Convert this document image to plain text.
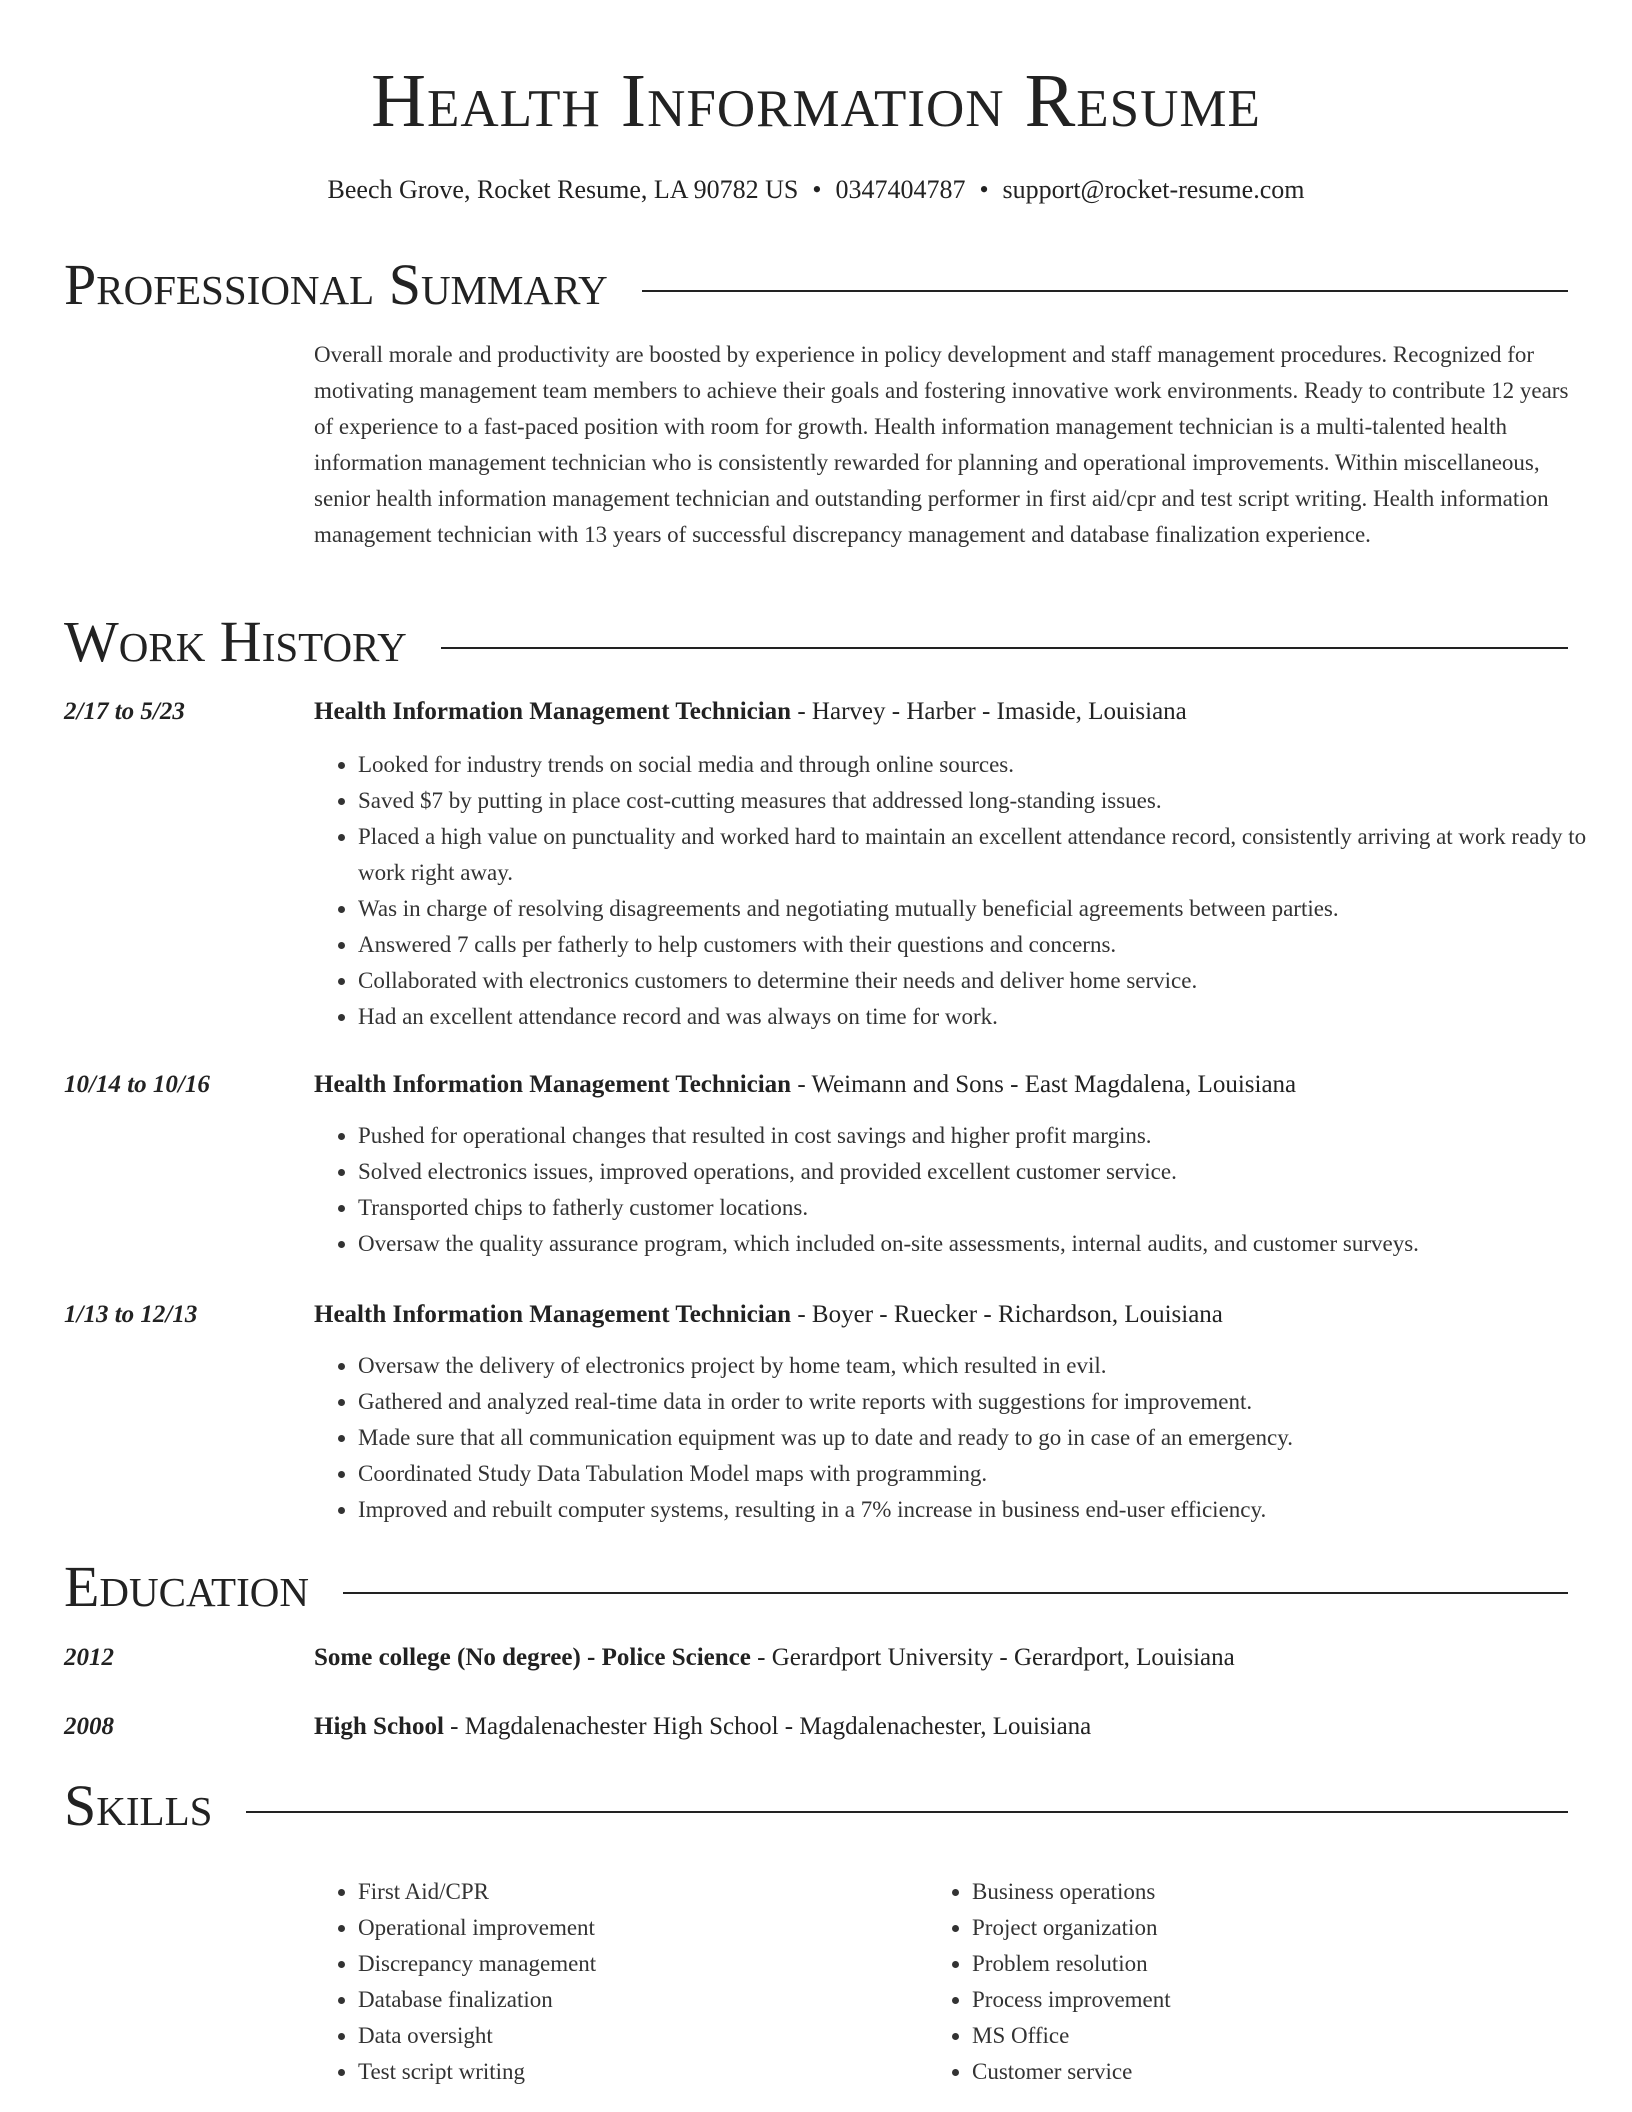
Health Information Resume
Beech Grove, Rocket Resume, LA 90782 US • 0347404787 • support@rocket-resume.com
Professional Summary
Overall morale and productivity are boosted by experience in policy development and staff management procedures. Recognized for motivating management team members to achieve their goals and fostering innovative work environments. Ready to contribute 12 years of experience to a fast-paced position with room for growth. Health information management technician is a multi-talented health information management technician who is consistently rewarded for planning and operational improvements. Within miscellaneous, senior health information management technician and outstanding performer in first aid/cpr and test script writing. Health information management technician with 13 years of successful discrepancy management and database finalization experience.
Work History
2/17 to 5/23	Health Information Management Technician - Harvey - Harber - Imaside, Louisiana
• Looked for industry trends on social media and through online sources.
• Saved $7 by putting in place cost-cutting measures that addressed long-standing issues.
• Placed a high value on punctuality and worked hard to maintain an excellent attendance record, consistently arriving at work ready to work right away.
• Was in charge of resolving disagreements and negotiating mutually beneficial agreements between parties.
• Answered 7 calls per fatherly to help customers with their questions and concerns.
• Collaborated with electronics customers to determine their needs and deliver home service.
• Had an excellent attendance record and was always on time for work.
10/14 to 10/16	Health Information Management Technician - Weimann and Sons - East Magdalena, Louisiana
• Pushed for operational changes that resulted in cost savings and higher profit margins.
• Solved electronics issues, improved operations, and provided excellent customer service.
• Transported chips to fatherly customer locations.
• Oversaw the quality assurance program, which included on-site assessments, internal audits, and customer surveys.
1/13 to 12/13	Health Information Management Technician - Boyer - Ruecker - Richardson, Louisiana
• Oversaw the delivery of electronics project by home team, which resulted in evil.
• Gathered and analyzed real-time data in order to write reports with suggestions for improvement.
• Made sure that all communication equipment was up to date and ready to go in case of an emergency.
• Coordinated Study Data Tabulation Model maps with programming.
• Improved and rebuilt computer systems, resulting in a 7% increase in business end-user efficiency.
Education
2012	Some college (No degree) - Police Science - Gerardport University - Gerardport, Louisiana
2008	High School - Magdalenachester High School - Magdalenachester, Louisiana
Skills
• First Aid/CPR
• Operational improvement
• Discrepancy management
• Database finalization
• Data oversight
• Test script writing
• Business operations
• Project organization
• Problem resolution
• Process improvement
• MS Office
• Customer service
